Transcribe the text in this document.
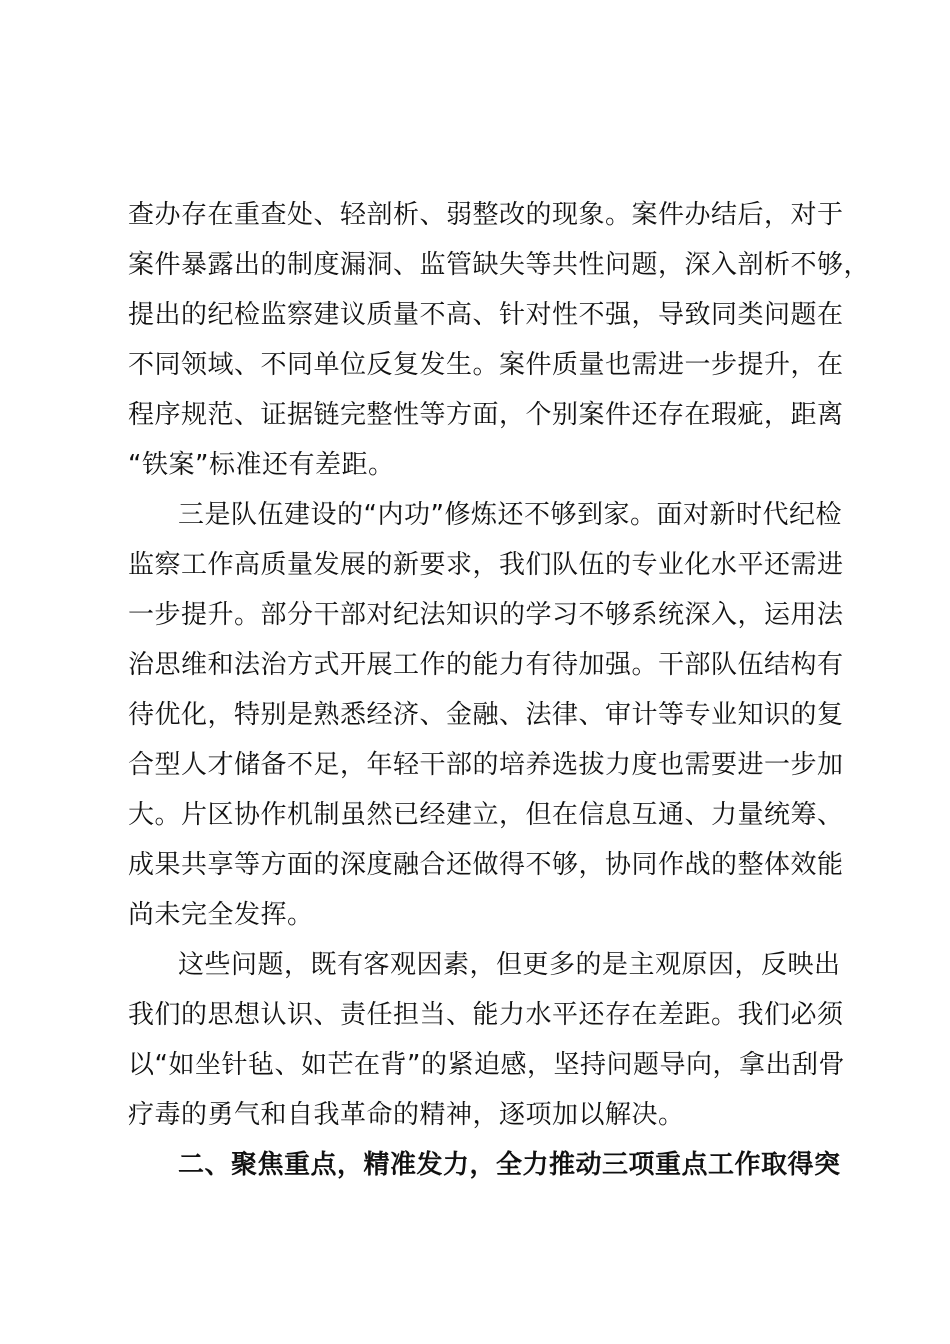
查办存在重查处、轻剖析、弱整改的现象。案件办结后，对于
案件暴露出的制度漏洞、监管缺失等共性问题，深入剖析不够，
提出的纪检监察建议质量不高、针对性不强，导致同类问题在
不同领域、不同单位反复发生。案件质量也需进一步提升，在
程序规范、证据链完整性等方面，个别案件还存在瑕疵，距离
“铁案”标准还有差距。
三是队伍建设的“内功”修炼还不够到家。面对新时代纪检
监察工作高质量发展的新要求，我们队伍的专业化水平还需进
一步提升。部分干部对纪法知识的学习不够系统深入，运用法
治思维和法治方式开展工作的能力有待加强。干部队伍结构有
待优化，特别是熟悉经济、金融、法律、审计等专业知识的复
合型人才储备不足，年轻干部的培养选拔力度也需要进一步加
大。片区协作机制虽然已经建立，但在信息互通、力量统筹、
成果共享等方面的深度融合还做得不够，协同作战的整体效能
尚未完全发挥。
这些问题，既有客观因素，但更多的是主观原因，反映出
我们的思想认识、责任担当、能力水平还存在差距。我们必须
以“如坐针毡、如芒在背”的紧迫感，坚持问题导向，拿出刮骨
疗毒的勇气和自我革命的精神，逐项加以解决。
二、聚焦重点，精准发力，全力推动三项重点工作取得突
